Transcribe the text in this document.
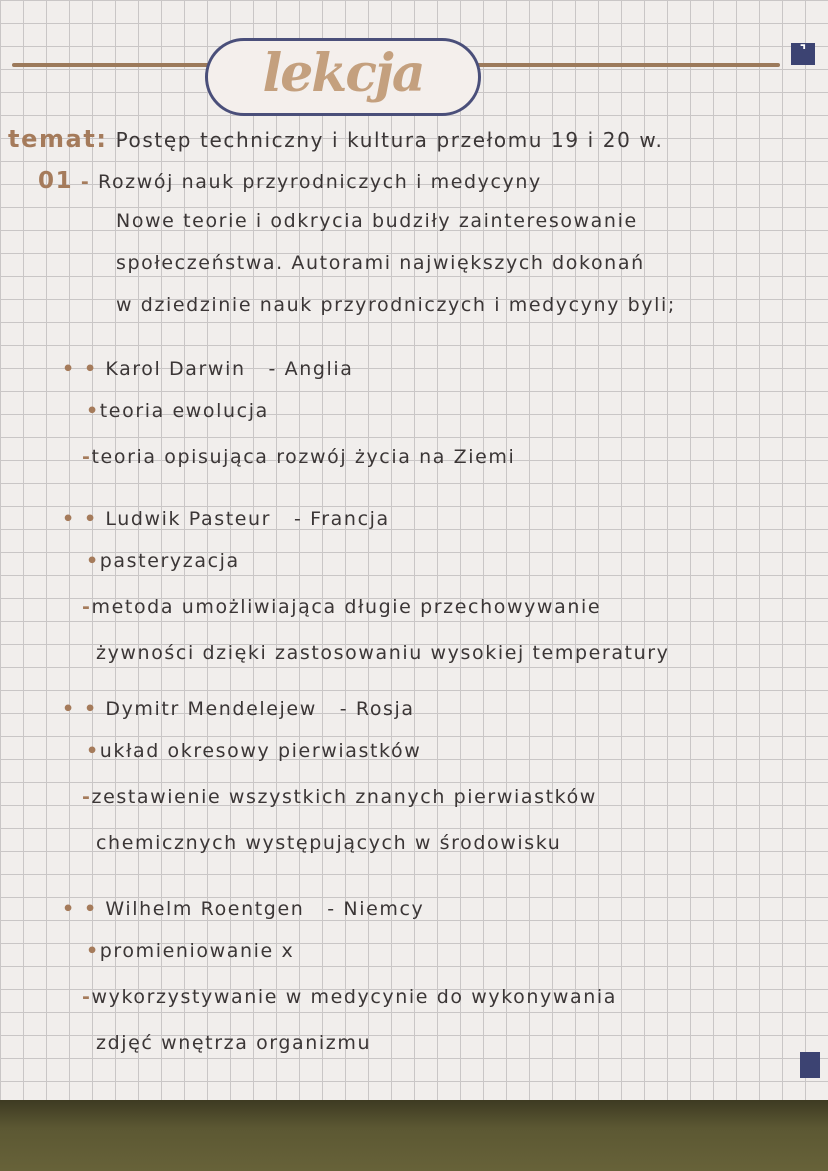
lekcja	⌝
temat: Postęp techniczny i kultura przełomu 19 i 20 w.
01 - Rozwój nauk przyrodniczych i medycyny
Nowe teorie i odkrycia budziły zainteresowanie
społeczeństwa. Autorami największych dokonań
w dziedzinie nauk przyrodniczych i medycyny byli;
• • Karol Darwin - Anglia
•teoria ewolucja
-teoria opisująca rozwój życia na Ziemi
• • Ludwik Pasteur - Francja
•pasteryzacja
-metoda umożliwiająca długie przechowywanie
żywności dzięki zastosowaniu wysokiej temperatury
• • Dymitr Mendelejew - Rosja
•układ okresowy pierwiastków
-zestawienie wszystkich znanych pierwiastków
chemicznych występujących w środowisku
• • Wilhelm Roentgen - Niemcy
•promieniowanie x
-wykorzystywanie w medycynie do wykonywania
zdjęć wnętrza organizmu
